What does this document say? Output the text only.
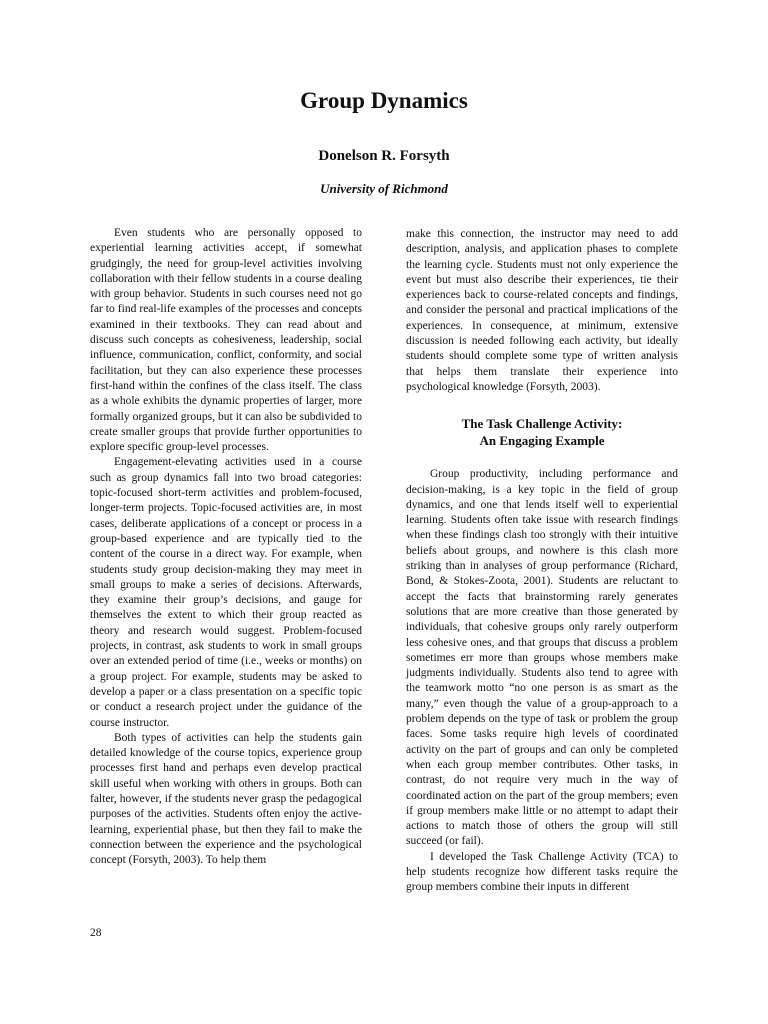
Group Dynamics

Donelson R. Forsyth

University of Richmond

Even students who are personally opposed to experiential learning activities accept, if somewhat grudgingly, the need for group-level activities involving collaboration with their fellow students in a course dealing with group behavior. Students in such courses need not go far to find real-life examples of the processes and concepts examined in their textbooks. They can read about and discuss such concepts as cohesiveness, leadership, social influence, communication, conflict, conformity, and social facilitation, but they can also experience these processes first-hand within the confines of the class itself. The class as a whole exhibits the dynamic properties of larger, more formally organized groups, but it can also be subdivided to create smaller groups that provide further opportunities to explore specific group-level processes.

Engagement-elevating activities used in a course such as group dynamics fall into two broad categories: topic-focused short-term activities and problem-focused, longer-term projects. Topic-focused activities are, in most cases, deliberate applications of a concept or process in a group-based experience and are typically tied to the content of the course in a direct way. For example, when students study group decision-making they may meet in small groups to make a series of decisions. Afterwards, they examine their group’s decisions, and gauge for themselves the extent to which their group reacted as theory and research would suggest. Problem-focused projects, in contrast, ask students to work in small groups over an extended period of time (i.e., weeks or months) on a group project. For example, students may be asked to develop a paper or a class presentation on a specific topic or conduct a research project under the guidance of the course instructor.

Both types of activities can help the students gain detailed knowledge of the course topics, experience group processes first hand and perhaps even develop practical skill useful when working with others in groups. Both can falter, however, if the students never grasp the pedagogical purposes of the activities. Students often enjoy the active-learning, experiential phase, but then they fail to make the connection between the experience and the psychological concept (Forsyth, 2003). To help them

make this connection, the instructor may need to add description, analysis, and application phases to complete the learning cycle. Students must not only experience the event but must also describe their experiences, tie their experiences back to course-related concepts and findings, and consider the personal and practical implications of the experiences. In consequence, at minimum, extensive discussion is needed following each activity, but ideally students should complete some type of written analysis that helps them translate their experience into psychological knowledge (Forsyth, 2003).

The Task Challenge Activity:
An Engaging Example

Group productivity, including performance and decision-making, is a key topic in the field of group dynamics, and one that lends itself well to experiential learning. Students often take issue with research findings when these findings clash too strongly with their intuitive beliefs about groups, and nowhere is this clash more striking than in analyses of group performance (Richard, Bond, & Stokes-Zoota, 2001). Students are reluctant to accept the facts that brainstorming rarely generates solutions that are more creative than those generated by individuals, that cohesive groups only rarely outperform less cohesive ones, and that groups that discuss a problem sometimes err more than groups whose members make judgments individually. Students also tend to agree with the teamwork motto “no one person is as smart as the many,” even though the value of a group-approach to a problem depends on the type of task or problem the group faces. Some tasks require high levels of coordinated activity on the part of groups and can only be completed when each group member contributes. Other tasks, in contrast, do not require very much in the way of coordinated action on the part of the group members; even if group members make little or no attempt to adapt their actions to match those of others the group will still succeed (or fail).

I developed the Task Challenge Activity (TCA) to help students recognize how different tasks require the group members combine their inputs in different

28
